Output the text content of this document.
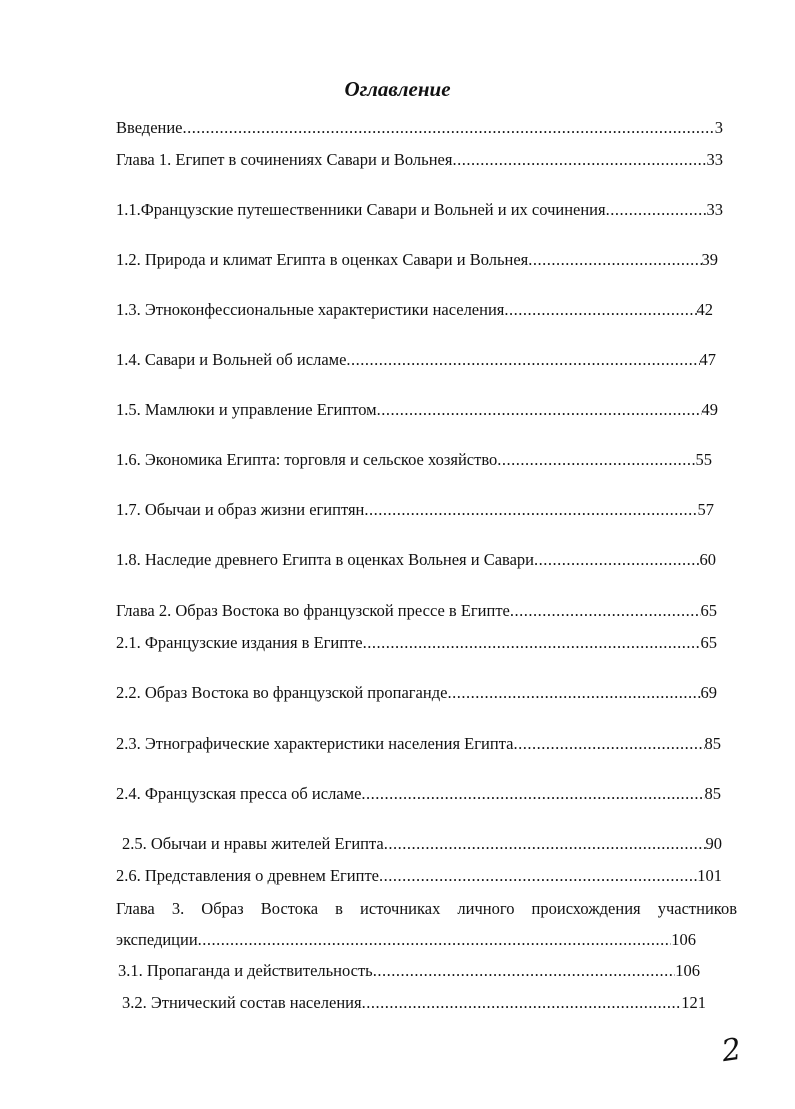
Оглавление
Введение .....	3
Глава 1. Египет в сочинениях Савари и Вольнея .....	33
1.1.Французские путешественники Савари и Вольней и их сочинения .....	33
1.2. Природа и климат Египта в оценках Савари и Вольнея .....	39
1.3. Этноконфессиональные характеристики населения .....	42
1.4. Савари и Вольней об исламе .....	47
1.5. Мамлюки и управление Египтом .....	49
1.6. Экономика Египта: торговля и сельское хозяйство .....	55
1.7. Обычаи и образ жизни египтян .....	57
1.8. Наследие древнего Египта в оценках Вольнея и Савари .....	60
Глава 2. Образ Востока во французской прессе в Египте .....	65
2.1. Французские издания в Египте .....	65
2.2. Образ Востока во французской пропаганде .....	69
2.3. Этнографические характеристики населения Египта .....	85
2.4. Французская пресса об исламе .....	85
2.5. Обычаи и нравы жителей Египта .....	90
2.6. Представления о древнем Египте .....	101
Глава 3. Образ Востока в источниках личного происхождения участников
экспедиции .....	106
3.1. Пропаганда и действительность .....	106
3.2. Этнический состав населения .....	121
2
